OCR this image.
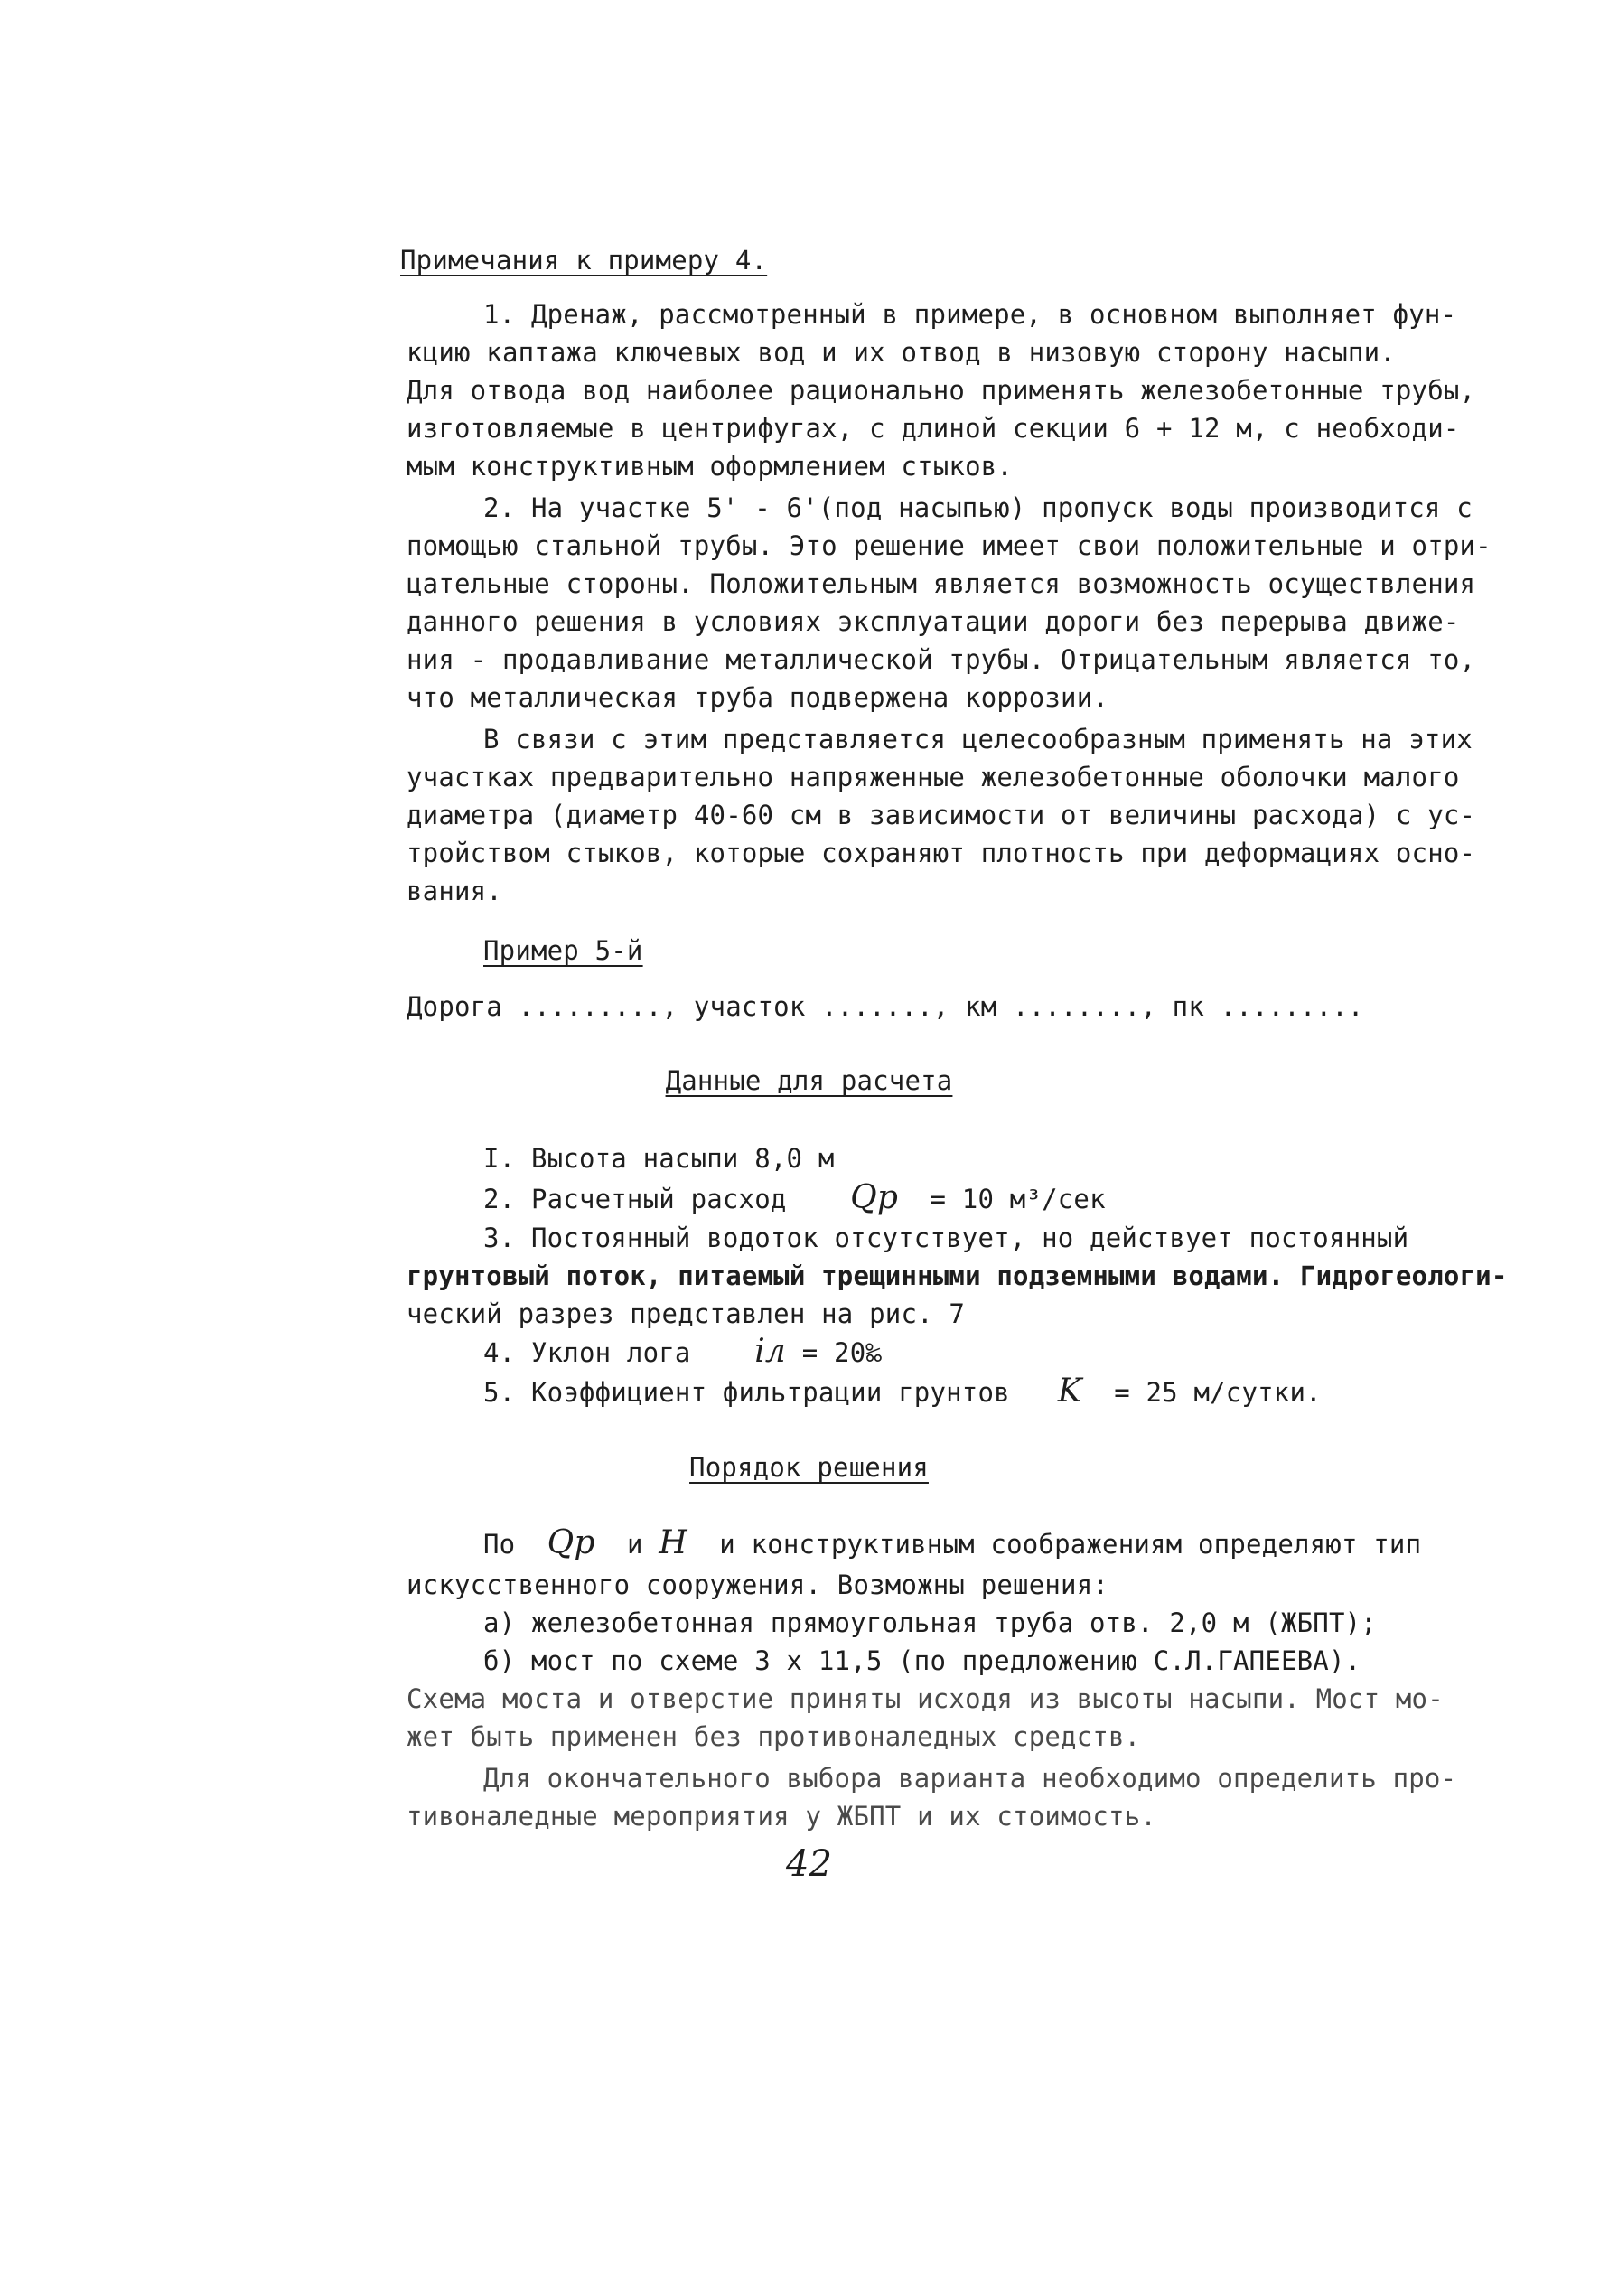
Примечания к примеру 4.
1. Дренаж, рассмотренный в примере, в основном выполняет фун-
кцию каптажа ключевых вод и их отвод в низовую сторону насыпи.
Для отвода вод наиболее рационально применять железобетонные трубы,
изготовляемые в центрифугах, с длиной секции 6 + 12 м, с необходи-
мым конструктивным оформлением стыков.
2. На участке 5' - 6'(под насыпью) пропуск воды производится с
помощью стальной трубы. Это решение имеет свои положительные и отри-
цательные стороны. Положительным является возможность осуществления
данного решения в условиях эксплуатации дороги без перерыва движе-
ния - продавливание металлической трубы. Отрицательным является то,
что металлическая труба подвержена коррозии.
В связи с этим представляется целесообразным применять на этих
участках предварительно напряженные железобетонные оболочки малого
диаметра (диаметр 40-60 см в зависимости от величины расхода) с ус-
тройством стыков, которые сохраняют плотность при деформациях осно-
вания.
Пример 5-й
Дорога ........., участок ......., км ........, пк .........
Данные для расчета
I. Высота насыпи 8,0 м
2. Расчетный расход Qp = 10 м³/сек
3. Постоянный водоток отсутствует, но действует постоянный
грунтовый поток, питаемый трещинными подземными водами. Гидрогеологи-
ческий разрез представлен на рис. 7
4. Уклон лога iл = 20‰
5. Коэффициент фильтрации грунтов K = 25 м/сутки.
Порядок решения
По Qp и H и конструктивным соображениям определяют тип
искусственного сооружения. Возможны решения:
а) железобетонная прямоугольная труба отв. 2,0 м (ЖБПТ);
б) мост по схеме 3 х 11,5 (по предложению С.Л.ГАПЕЕВА).
Схема моста и отверстие приняты исходя из высоты насыпи. Мост мо-
жет быть применен без противоналедных средств.
Для окончательного выбора варианта необходимо определить про-
тивоналедные мероприятия у ЖБПТ и их стоимость.
42
